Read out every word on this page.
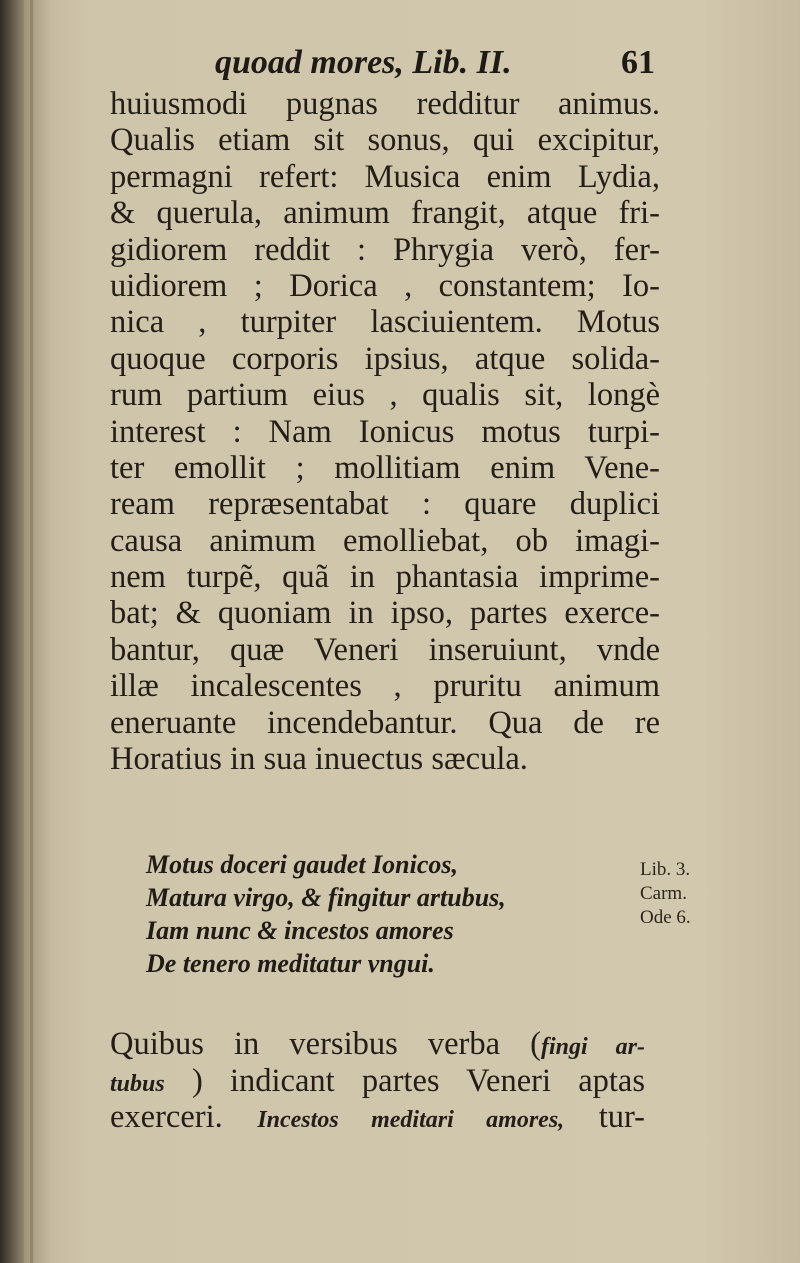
quoad mores, Lib. II.	61
huiusmodi pugnas redditur animus.
Qualis etiam sit sonus, qui excipitur,
permagni refert: Musica enim Lydia,
& querula, animum frangit, atque fri-
gidiorem reddit : Phrygia verò, fer-
uidiorem ; Dorica , constantem; Io-
nica , turpiter lasciuientem. Motus
quoque corporis ipsius, atque solida-
rum partium eius , qualis sit, longè
interest : Nam Ionicus motus turpi-
ter emollit ; mollitiam enim Vene-
ream repræsentabat : quare duplici
causa animum emolliebat, ob imagi-
nem turpẽ, quã in phantasia imprime-
bat; & quoniam in ipso, partes exerce-
bantur, quæ Veneri inseruiunt, vnde
illæ incalescentes , pruritu animum
eneruante incendebantur. Qua de re
Horatius in sua inuectus sæcula.
Motus doceri gaudet Ionicos,
Matura virgo, & fingitur artubus,
Iam nunc & incestos amores
De tenero meditatur vngui.
Lib. 3.
Carm.
Ode 6.
Quibus in versibus verba (fingi ar-
tubus ) indicant partes Veneri aptas
exerceri. Incestos meditari amores, tur-
